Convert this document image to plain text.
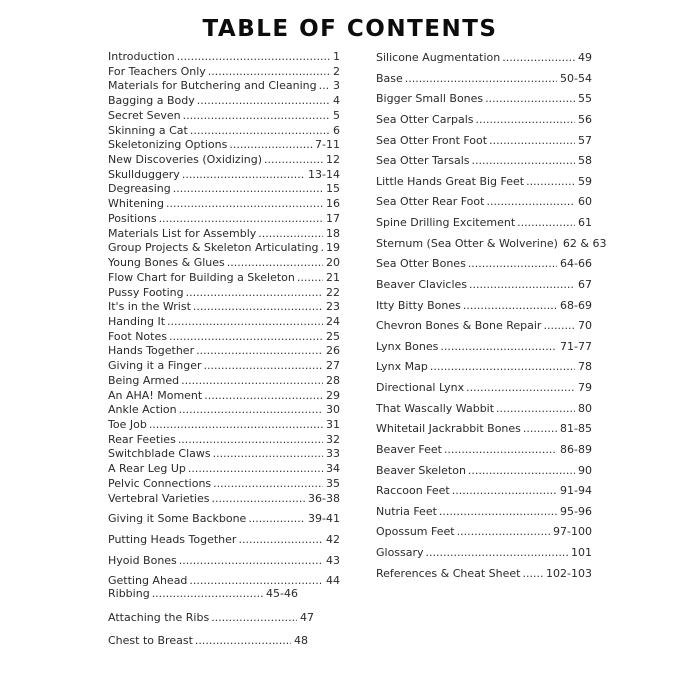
TABLE OF CONTENTS
Introduction .....	1
For Teachers Only .....	2
Materials for Butchering and Cleaning ..... 3
Bagging a Body .....	4
Secret Seven .....	5
Skinning a Cat .....	6
Skeletonizing Options .....	7-11
New Discoveries (Oxidizing) .....	12
Skullduggery .....	13-14
Degreasing .....	15
Whitening .....	16
Positions .....	17
Materials List for Assembly .....	18
Group Projects & Skeleton Articulating ..... 19
Young Bones & Glues .....	20
Flow Chart for Building a Skeleton .....	21
Pussy Footing .....	22
It's in the Wrist .....	23
Handing It .....	24
Foot Notes .....	25
Hands Together .....	26
Giving it a Finger .....	27
Being Armed .....	28
An AHA! Moment .....	29
Ankle Action .....	30
Toe Job .....	31
Rear Feeties .....	32
Switchblade Claws .....	33
A Rear Leg Up .....	34
Pelvic Connections .....	35
Vertebral Varieties .....	36-38
Giving it Some Backbone .....	39-41
Putting Heads Together .....	42
Hyoid Bones .....	43
Getting Ahead .....	44
Ribbing .....	45-46
Attaching the Ribs .....	47
Chest to Breast .....	48
Silicone Augmentation .....	49
Base .....	50-54
Bigger Small Bones .....	55
Sea Otter Carpals .....	56
Sea Otter Front Foot .....	57
Sea Otter Tarsals .....	58
Little Hands Great Big Feet .....	59
Sea Otter Rear Foot .....	60
Spine Drilling Excitement .....	61
Sternum (Sea Otter & Wolverine) 62 & 63
Sea Otter Bones .....	64-66
Beaver Clavicles .....	67
Itty Bitty Bones .....	68-69
Chevron Bones & Bone Repair .....	70
Lynx Bones .....	71-77
Lynx Map .....	78
Directional Lynx .....	79
That Wascally Wabbit .....	80
Whitetail Jackrabbit Bones .....	81-85
Beaver Feet .....	86-89
Beaver Skeleton .....	90
Raccoon Feet .....	91-94
Nutria Feet .....	95-96
Opossum Feet .....	97-100
Glossary .....	101
References & Cheat Sheet ..... 102-103
